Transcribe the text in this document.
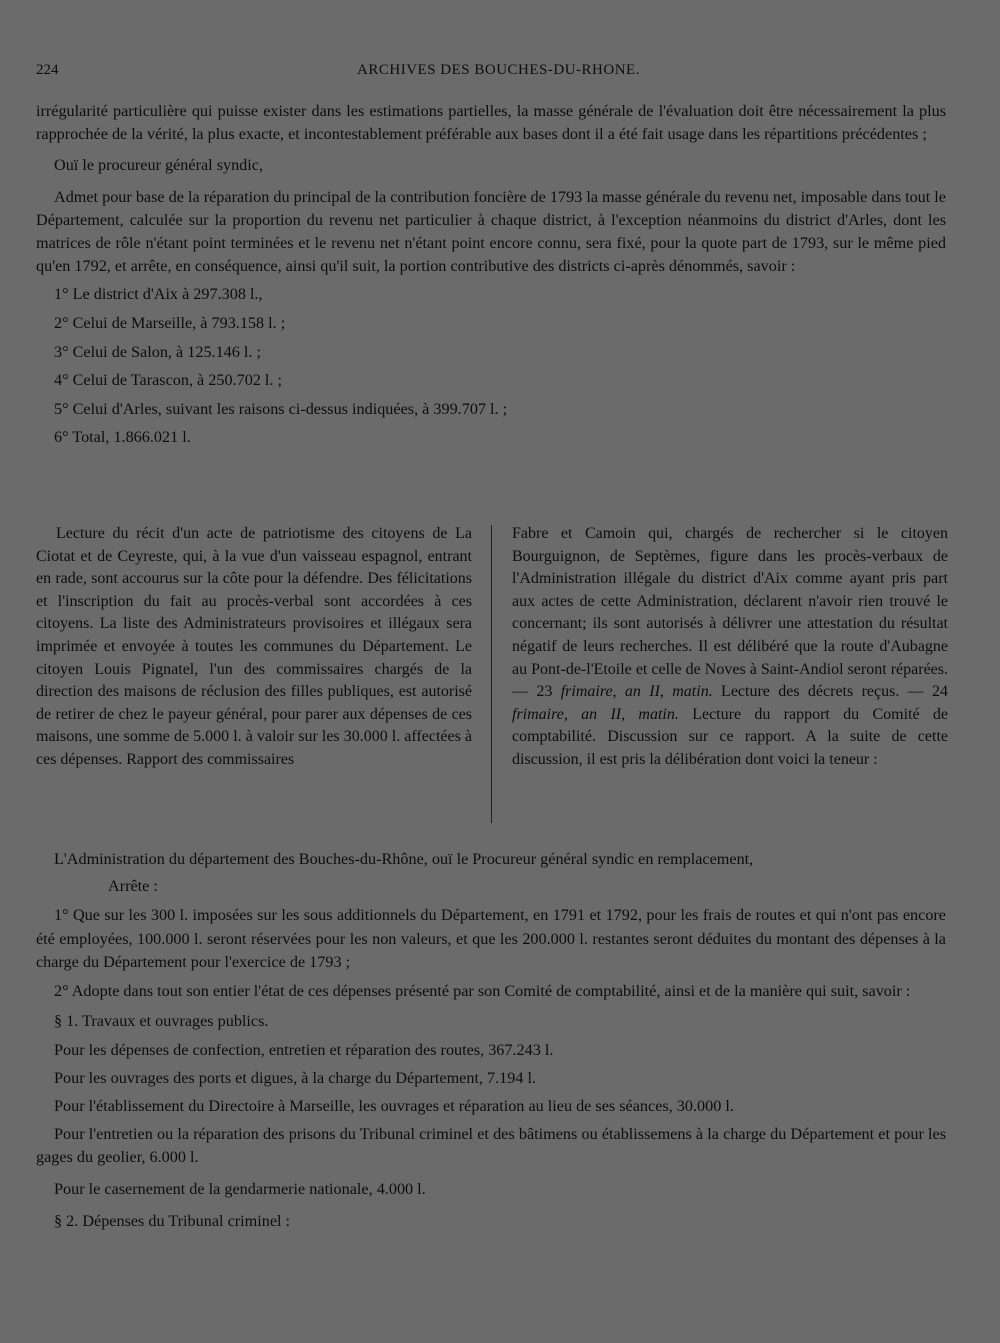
224	ARCHIVES DES BOUCHES-DU-RHONE.

irrégularité particulière qui puisse exister dans les estimations partielles, la masse générale de l'évaluation doit être nécessairement la plus rapprochée de la vérité, la plus exacte, et incontestablement préférable aux bases dont il a été fait usage dans les répartitions précédentes ;

Ouï le procureur général syndic,

Admet pour base de la réparation du principal de la contribution foncière de 1793 la masse générale du revenu net, imposable dans tout le Département, calculée sur la proportion du revenu net particulier à chaque district, à l'exception néanmoins du district d'Arles, dont les matrices de rôle n'étant point terminées et le revenu net n'étant point encore connu, sera fixé, pour la quote part de 1793, sur le même pied qu'en 1792, et arrête, en conséquence, ainsi qu'il suit, la portion contributive des districts ci-après dénommés, savoir :

1° Le district d'Aix à 297.308 l.,

2° Celui de Marseille, à 793.158 l. ;

3° Celui de Salon, à 125.146 l. ;

4° Celui de Tarascon, à 250.702 l. ;

5° Celui d'Arles, suivant les raisons ci-dessus indiquées, à 399.707 l. ;

6° Total, 1.866.021 l.

Lecture du récit d'un acte de patriotisme des citoyens de La Ciotat et de Ceyreste, qui, à la vue d'un vaisseau espagnol, entrant en rade, sont accourus sur la côte pour la défendre. Des félicitations et l'inscription du fait au procès-verbal sont accordées à ces citoyens. La liste des Administrateurs provisoires et illégaux sera imprimée et envoyée à toutes les communes du Département. Le citoyen Louis Pignatel, l'un des commissaires chargés de la direction des maisons de réclusion des filles publiques, est autorisé de retirer de chez le payeur général, pour parer aux dépenses de ces maisons, une somme de 5.000 l. à valoir sur les 30.000 l. affectées à ces dépenses. Rapport des commissaires

Fabre et Camoin qui, chargés de rechercher si le citoyen Bourguignon, de Septèmes, figure dans les procès-verbaux de l'Administration illégale du district d'Aix comme ayant pris part aux actes de cette Administration, déclarent n'avoir rien trouvé le concernant; ils sont autorisés à délivrer une attestation du résultat négatif de leurs recherches. Il est délibéré que la route d'Aubagne au Pont-de-l'Etoile et celle de Noves à Saint-Andiol seront réparées. — 23 frimaire, an II, matin. Lecture des décrets reçus. — 24 frimaire, an II, matin. Lecture du rapport du Comité de comptabilité. Discussion sur ce rapport. A la suite de cette discussion, il est pris la délibération dont voici la teneur :

L'Administration du département des Bouches-du-Rhône, ouï le Procureur général syndic en remplacement,

Arrête :

1° Que sur les 300 l. imposées sur les sous additionnels du Département, en 1791 et 1792, pour les frais de routes et qui n'ont pas encore été employées, 100.000 l. seront réservées pour les non valeurs, et que les 200.000 l. restantes seront déduites du montant des dépenses à la charge du Département pour l'exercice de 1793 ;

2° Adopte dans tout son entier l'état de ces dépenses présenté par son Comité de comptabilité, ainsi et de la manière qui suit, savoir :

§ 1. Travaux et ouvrages publics.

Pour les dépenses de confection, entretien et réparation des routes, 367.243 l.

Pour les ouvrages des ports et digues, à la charge du Département, 7.194 l.

Pour l'établissement du Directoire à Marseille, les ouvrages et réparation au lieu de ses séances, 30.000 l.

Pour l'entretien ou la réparation des prisons du Tribunal criminel et des bâtimens ou établissemens à la charge du Département et pour les gages du geolier, 6.000 l.

Pour le casernement de la gendarmerie nationale, 4.000 l.

§ 2. Dépenses du Tribunal criminel :
